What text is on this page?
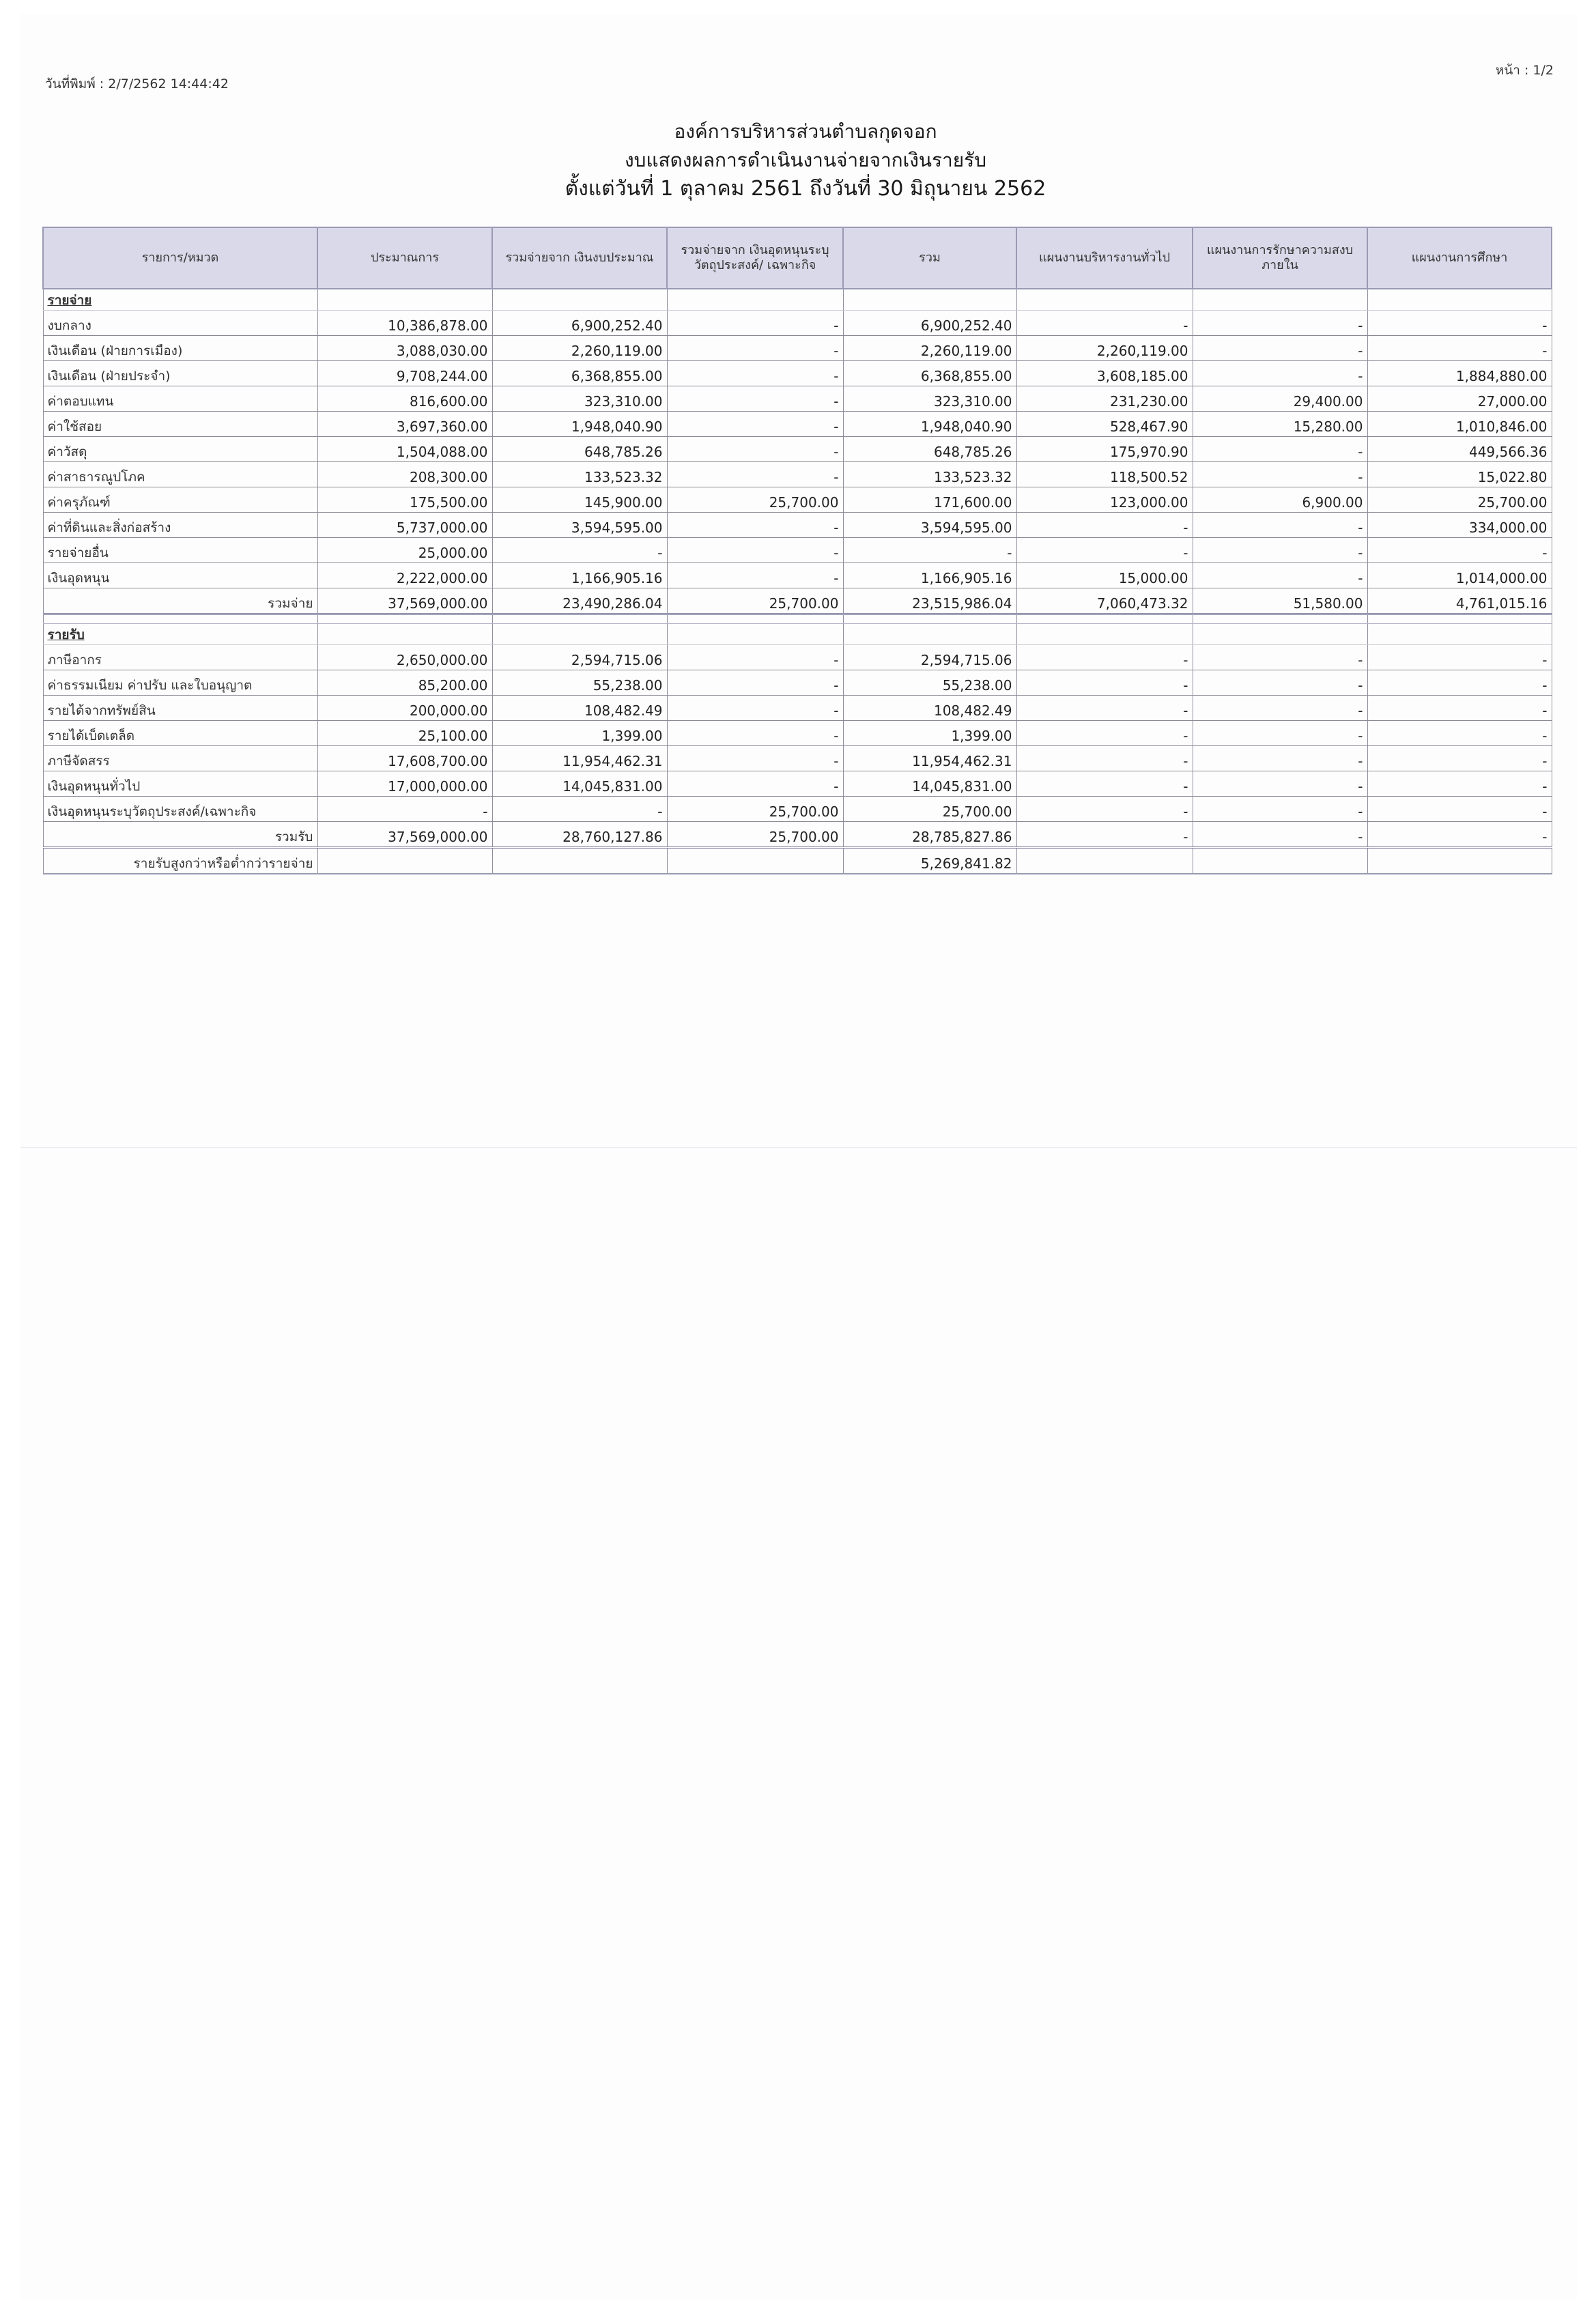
วันที่พิมพ์ : 2/7/2562 14:44:42
หน้า : 1/2
องค์การบริหารส่วนตำบลกุดจอก
งบแสดงผลการดำเนินงานจ่ายจากเงินรายรับ
ตั้งแต่วันที่ 1 ตุลาคม 2561 ถึงวันที่ 30 มิถุนายน 2562
รายการ/หมวด	ประมาณการ	รวมจ่ายจาก เงินงบประมาณ	รวมจ่ายจาก เงินอุดหนุนระบุวัตถุประสงค์/ เฉพาะกิจ	รวม	แผนงานบริหารงานทั่วไป	แผนงานการรักษาความสงบ ภายใน	แผนงานการศึกษา
รายจ่าย							
งบกลาง	10,386,878.00	6,900,252.40	-	6,900,252.40	-	-	-
เงินเดือน (ฝ่ายการเมือง)	3,088,030.00	2,260,119.00	-	2,260,119.00	2,260,119.00	-	-
เงินเดือน (ฝ่ายประจำ)	9,708,244.00	6,368,855.00	-	6,368,855.00	3,608,185.00	-	1,884,880.00
ค่าตอบแทน	816,600.00	323,310.00	-	323,310.00	231,230.00	29,400.00	27,000.00
ค่าใช้สอย	3,697,360.00	1,948,040.90	-	1,948,040.90	528,467.90	15,280.00	1,010,846.00
ค่าวัสดุ	1,504,088.00	648,785.26	-	648,785.26	175,970.90	-	449,566.36
ค่าสาธารณูปโภค	208,300.00	133,523.32	-	133,523.32	118,500.52	-	15,022.80
ค่าครุภัณฑ์	175,500.00	145,900.00	25,700.00	171,600.00	123,000.00	6,900.00	25,700.00
ค่าที่ดินและสิ่งก่อสร้าง	5,737,000.00	3,594,595.00	-	3,594,595.00	-	-	334,000.00
รายจ่ายอื่น	25,000.00	-	-	-	-	-	-
เงินอุดหนุน	2,222,000.00	1,166,905.16	-	1,166,905.16	15,000.00	-	1,014,000.00
รวมจ่าย	37,569,000.00	23,490,286.04	25,700.00	23,515,986.04	7,060,473.32	51,580.00	4,761,015.16

รายรับ							
ภาษีอากร	2,650,000.00	2,594,715.06	-	2,594,715.06	-	-	-
ค่าธรรมเนียม ค่าปรับ และใบอนุญาต	85,200.00	55,238.00	-	55,238.00	-	-	-
รายได้จากทรัพย์สิน	200,000.00	108,482.49	-	108,482.49	-	-	-
รายได้เบ็ดเตล็ด	25,100.00	1,399.00	-	1,399.00	-	-	-
ภาษีจัดสรร	17,608,700.00	11,954,462.31	-	11,954,462.31	-	-	-
เงินอุดหนุนทั่วไป	17,000,000.00	14,045,831.00	-	14,045,831.00	-	-	-
เงินอุดหนุนระบุวัตถุประสงค์/เฉพาะกิจ	-	-	25,700.00	25,700.00	-	-	-
รวมรับ	37,569,000.00	28,760,127.86	25,700.00	28,785,827.86	-	-	-
รายรับสูงกว่าหรือต่ำกว่ารายจ่าย				5,269,841.82			
